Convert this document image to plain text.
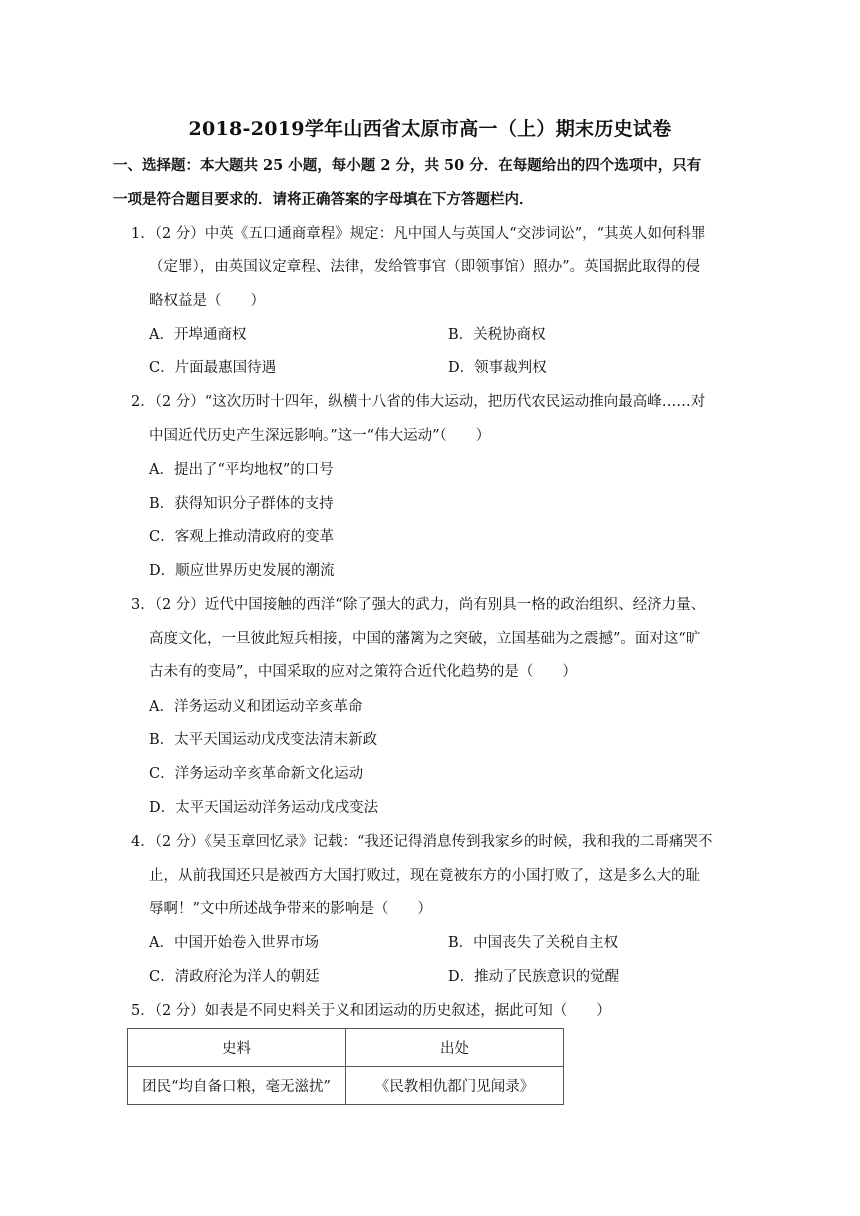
2018-2019学年山西省太原市高一（上）期末历史试卷
一、选择题：本大题共 25 小题，每小题 2 分，共 50 分．在每题给出的四个选项中，只有
一项是符合题目要求的．请将正确答案的字母填在下方答题栏内．
1．（2 分）中英《五口通商章程》规定：凡中国人与英国人“交涉词讼”，“其英人如何科罪
（定罪），由英国议定章程、法律，发给管事官（即领事馆）照办”。英国据此取得的侵
略权益是（　　）
A．开埠通商权	B．关税协商权
C．片面最惠国待遇	D．领事裁判权
2．（2 分）“这次历时十四年，纵横十八省的伟大运动，把历代农民运动推向最高峰……对
中国近代历史产生深远影响。”这一“伟大运动”（　　）
A．提出了“平均地权”的口号
B．获得知识分子群体的支持
C．客观上推动清政府的变革
D．顺应世界历史发展的潮流
3．（2 分）近代中国接触的西洋“除了强大的武力，尚有别具一格的政治组织、经济力量、
高度文化，一旦彼此短兵相接，中国的藩篱为之突破，立国基础为之震撼”。面对这“旷
古未有的变局”，中国采取的应对之策符合近代化趋势的是（　　）
A．洋务运动义和团运动辛亥革命
B．太平天国运动戊戌变法清末新政
C．洋务运动辛亥革命新文化运动
D．太平天国运动洋务运动戊戌变法
4．（2 分）《吴玉章回忆录》记载：“我还记得消息传到我家乡的时候，我和我的二哥痛哭不
止，从前我国还只是被西方大国打败过，现在竟被东方的小国打败了，这是多么大的耻
辱啊！”文中所述战争带来的影响是（　　）
A．中国开始卷入世界市场	B．中国丧失了关税自主权
C．清政府沦为洋人的朝廷	D．推动了民族意识的觉醒
5．（2 分）如表是不同史料关于义和团运动的历史叙述，据此可知（　　）
史料	出处
团民“均自备口粮，毫无滋扰”	《民教相仇都门见闻录》
